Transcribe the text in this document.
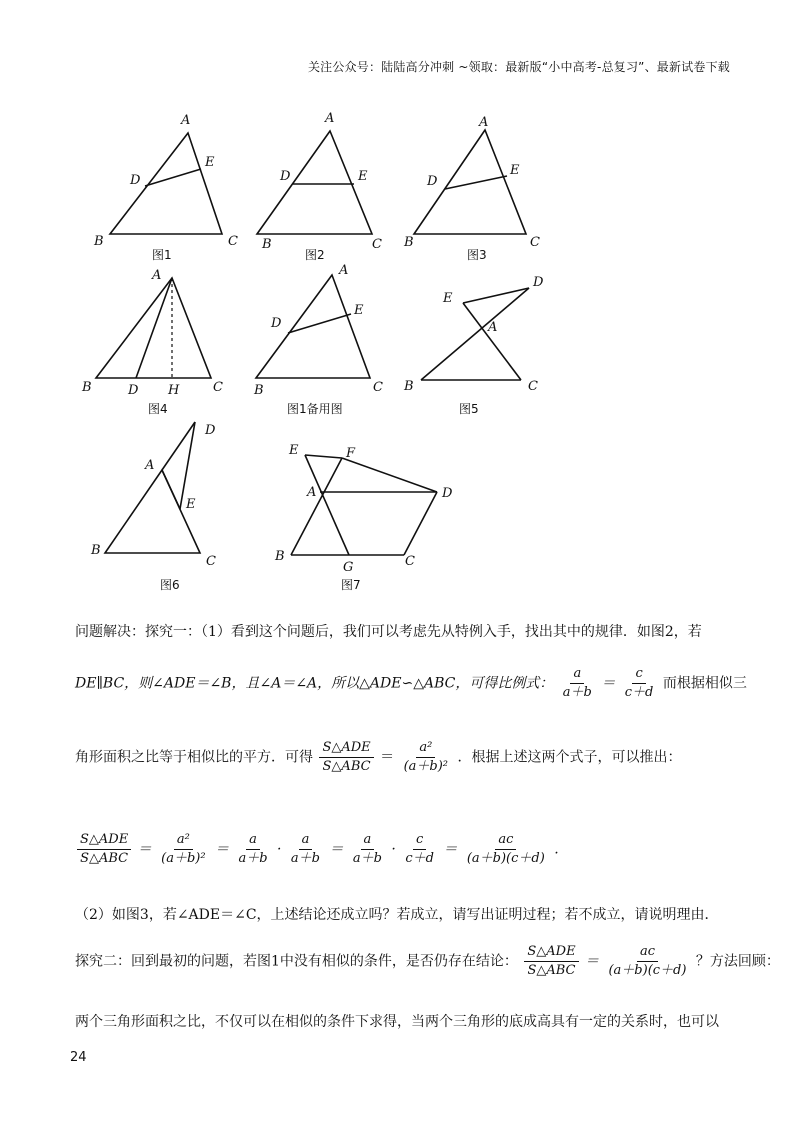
关注公众号：陆陆高分冲刺 ~领取：最新版“小中高考-总复习”、最新试卷下载
A
B	C
D
E
图1
A
B	C
D	E
图2
A
B	C
D
E
图3
A
B	D H	C
图4
A
B	C
D
E
图1备用图
E
D
A
B	C
图5
A
D
E
B
C
图6
E	F
A	D
B
G	C
图7
问题解决：探究一：（1）看到这个问题后，我们可以考虑先从特例入手，找出其中的规律．如图2，若
DE∥BC，则∠ADE＝∠B，且∠A＝∠A，所以△ADE∽△ABC，可得比例式： $\frac{a}{a+b} = \frac{c}{c+d}$ 而根据相似三
角形面积之比等于相似比的平方．可得 $\frac{\text{S△ADE}}{\text{S△ABC}} = \frac{\text{a²}}{\text{(a＋b)²}}$ ．根据上述这两个式子，可以推出：
$\frac{\text{S△ADE}}{\text{S△ABC}} = \frac{\text{a²}}{\text{(a＋b)²}} = \frac{a}{a+b} \cdot \frac{a}{a+b} = \frac{a}{a+b} \cdot \frac{c}{c+d} = \frac{ac}{(a+b)(c+d)}$ .
（2）如图3，若∠ADE＝∠C，上述结论还成立吗？若成立，请写出证明过程；若不成立，请说明理由．
探究二：回到最初的问题，若图1中没有相似的条件，是否仍存在结论： $\frac{\text{S△ADE}}{\text{S△ABC}} = \frac{ac}{(a+b)(c+d)}$ ？方法回顾：
两个三角形面积之比，不仅可以在相似的条件下求得，当两个三角形的底成高具有一定的关系时，也可以
24
